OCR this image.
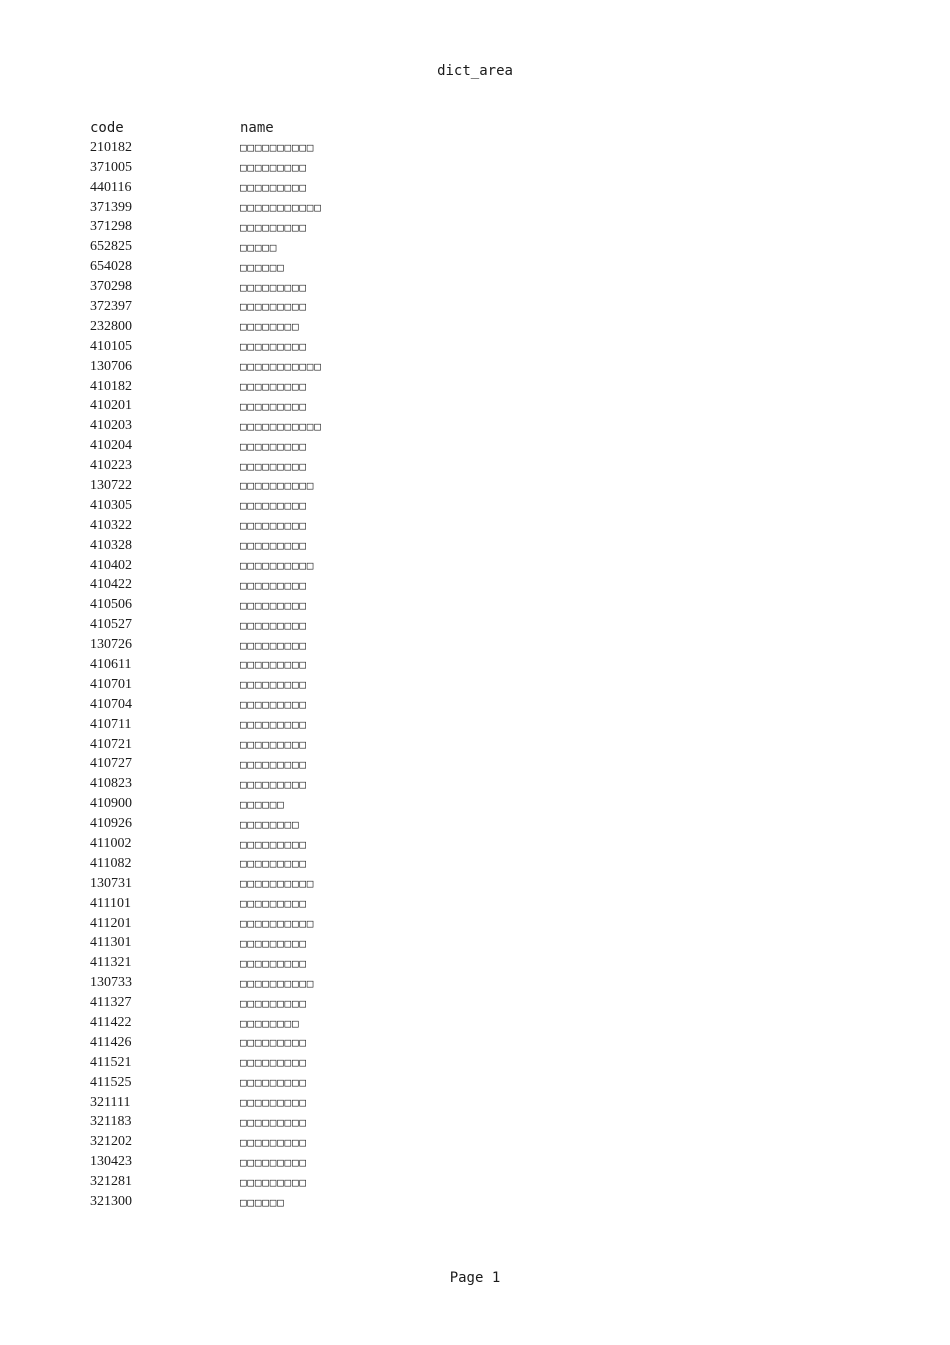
dict_area
code	name
210182	□□□□□□□□□□
371005	□□□□□□□□□
440116	□□□□□□□□□
371399	□□□□□□□□□□□
371298	□□□□□□□□□
652825	□□□□□
654028	□□□□□□
370298	□□□□□□□□□
372397	□□□□□□□□□
232800	□□□□□□□□
410105	□□□□□□□□□
130706	□□□□□□□□□□□
410182	□□□□□□□□□
410201	□□□□□□□□□
410203	□□□□□□□□□□□
410204	□□□□□□□□□
410223	□□□□□□□□□
130722	□□□□□□□□□□
410305	□□□□□□□□□
410322	□□□□□□□□□
410328	□□□□□□□□□
410402	□□□□□□□□□□
410422	□□□□□□□□□
410506	□□□□□□□□□
410527	□□□□□□□□□
130726	□□□□□□□□□
410611	□□□□□□□□□
410701	□□□□□□□□□
410704	□□□□□□□□□
410711	□□□□□□□□□
410721	□□□□□□□□□
410727	□□□□□□□□□
410823	□□□□□□□□□
410900	□□□□□□
410926	□□□□□□□□
411002	□□□□□□□□□
411082	□□□□□□□□□
130731	□□□□□□□□□□
411101	□□□□□□□□□
411201	□□□□□□□□□□
411301	□□□□□□□□□
411321	□□□□□□□□□
130733	□□□□□□□□□□
411327	□□□□□□□□□
411422	□□□□□□□□
411426	□□□□□□□□□
411521	□□□□□□□□□
411525	□□□□□□□□□
321111	□□□□□□□□□
321183	□□□□□□□□□
321202	□□□□□□□□□
130423	□□□□□□□□□
321281	□□□□□□□□□
321300	□□□□□□
Page 1
